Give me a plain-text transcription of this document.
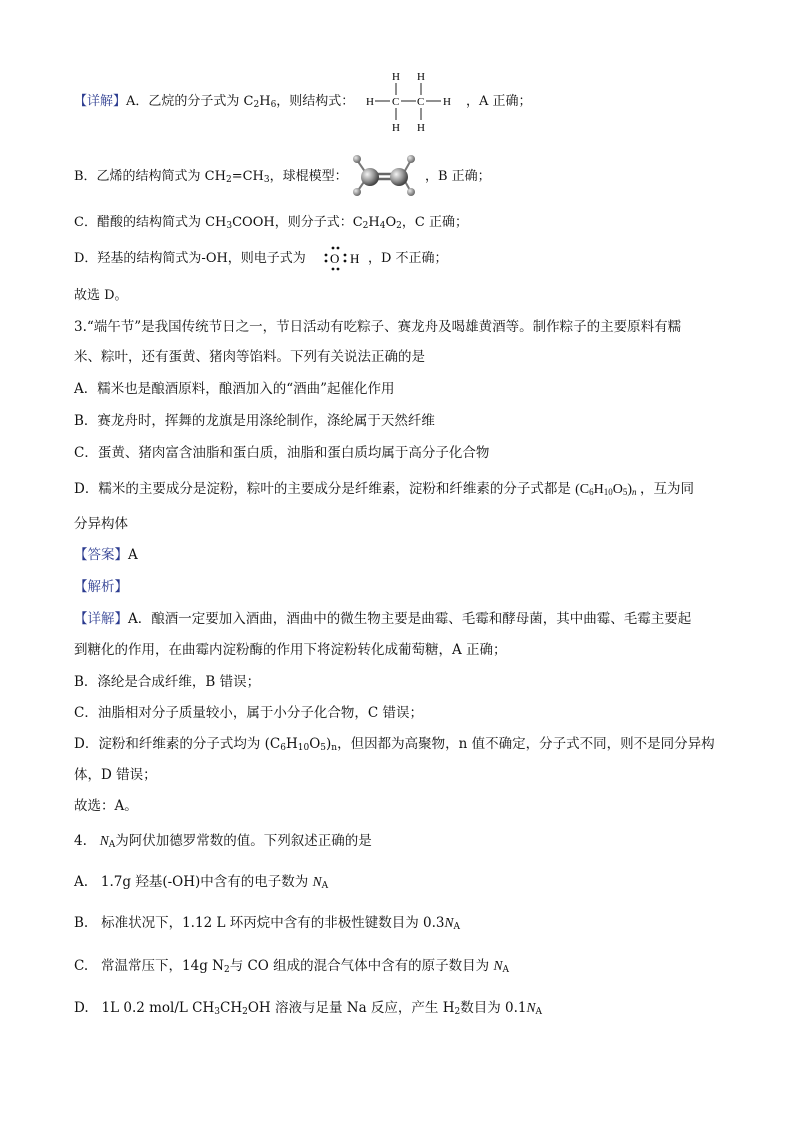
【详解】A．乙烷的分子式为 $C_2H_6$，则结构式：
H H
H C C H
H H
，A 正确；
B．乙烯的结构简式为 $CH_2=CH_3$，球棍模型：	，B 正确；
C．醋酸的结构简式为 $CH_3COOH$，则分子式：$C_2H_4O_2$，C 正确；
D．羟基的结构简式为-OH，则电子式为 O H ，D 不正确；
故选 D。
3.“端午节”是我国传统节日之一，节日活动有吃粽子、赛龙舟及喝雄黄酒等。制作粽子的主要原料有糯
米、粽叶，还有蛋黄、猪肉等馅料。下列有关说法正确的是
A．糯米也是酿酒原料，酿酒加入的“酒曲”起催化作用
B．赛龙舟时，挥舞的龙旗是用涤纶制作，涤纶属于天然纤维
C．蛋黄、猪肉富含油脂和蛋白质，油脂和蛋白质均属于高分子化合物
D．糯米的主要成分是淀粉，粽叶的主要成分是纤维素，淀粉和纤维素的分子式都是 $(C_6H_{10}O_5)_n$ ，互为同
分异构体
【答案】A
【解析】
【详解】A．酿酒一定要加入酒曲，酒曲中的微生物主要是曲霉、毛霉和酵母菌，其中曲霉、毛霉主要起
到糖化的作用，在曲霉内淀粉酶的作用下将淀粉转化成葡萄糖，A 正确；
B．涤纶是合成纤维，B 错误；
C．油脂相对分子质量较小，属于小分子化合物，C 错误；
D．淀粉和纤维素的分子式均为 $(C_6H_{10}O_5)_n$，但因都为高聚物，n 值不确定，分子式不同，则不是同分异构
体，D 错误；
故选：A。
4. $N_A$为阿伏加德罗常数的值。下列叙述正确的是
A. 1.7g 羟基(-OH)中含有的电子数为 $N_A$
B. 标准状况下，1.12 L 环丙烷中含有的非极性键数目为 $0.3N_A$
C. 常温常压下，14g $N_2$与 CO 组成的混合气体中含有的原子数目为 $N_A$
D. 1L 0.2 mol/L $CH_3CH_2OH$ 溶液与足量 Na 反应，产生 $H_2$数目为 $0.1N_A$
